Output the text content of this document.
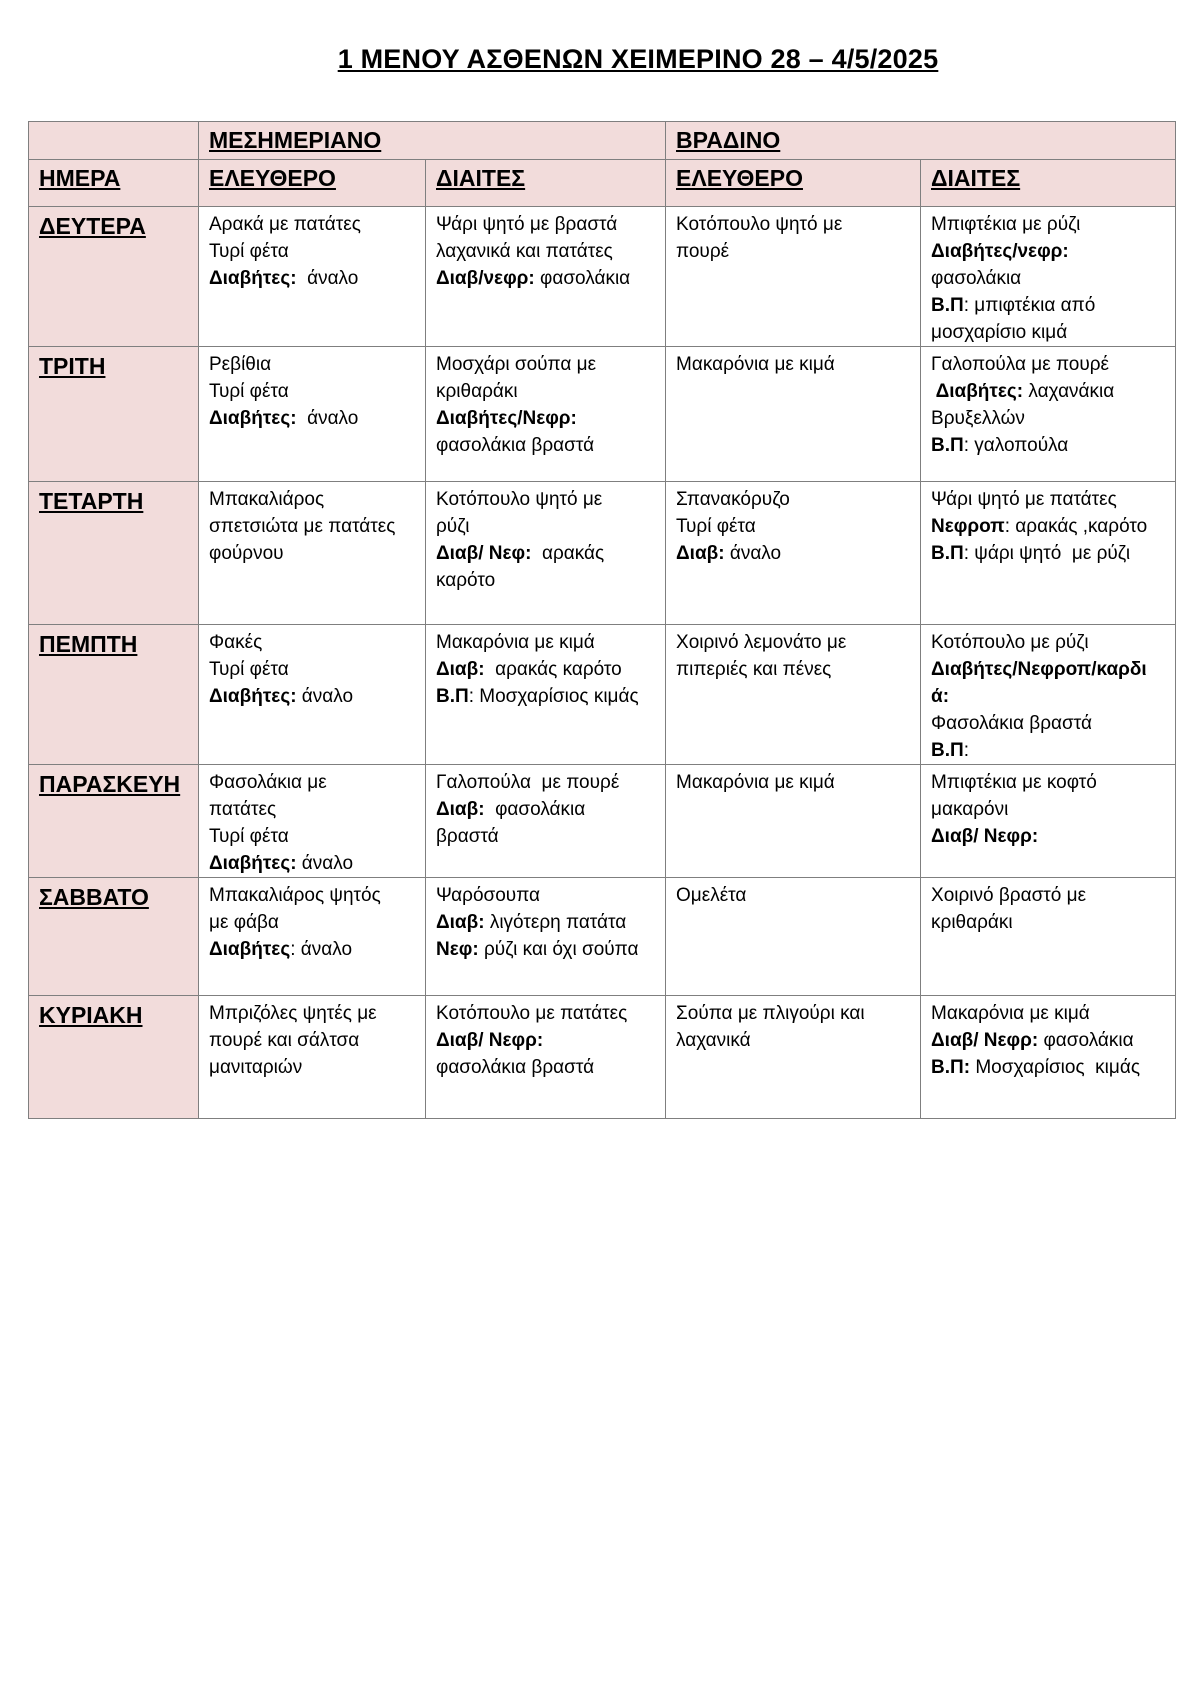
1 ΜΕΝΟΥ ΑΣΘΕΝΩΝ ΧΕΙΜΕΡΙΝΟ 28 – 4/5/2025
	ΜΕΣΗΜΕΡΙΑΝΟ		ΒΡΑΔΙΝΟ	
ΗΜΕΡΑ	ΕΛΕΥΘΕΡΟ	ΔΙΑΙΤΕΣ	ΕΛΕΥΘΕΡΟ	ΔΙΑΙΤΕΣ
ΔΕΥΤΕΡΑ	Αρακά με πατάτες
Τυρί φέτα
Διαβήτες:  άναλο	Ψάρι ψητό με βραστά
λαχανικά και πατάτες
Διαβ/νεφρ: φασολάκια	Κοτόπουλο ψητό με
πουρέ	Μπιφτέκια με ρύζι
Διαβήτες/νεφρ:
φασολάκια
Β.Π: μπιφτέκια από
μοσχαρίσιο κιμά

ΤΡΙΤΗ	Ρεβίθια
Τυρί φέτα
Διαβήτες:  άναλο	Μοσχάρι σούπα με
κριθαράκι
Διαβήτες/Νεφρ:
φασολάκια βραστά	Μακαρόνια με κιμά	Γαλοπούλα με πουρέ
Διαβήτες: λαχανάκια
Βρυξελλών
Β.Π: γαλοπούλα

ΤΕΤΑΡΤΗ	Μπακαλιάρος
σπετσιώτα με πατάτες
φούρνου	Κοτόπουλο ψητό με
ρύζι
Διαβ/ Νεφ:  αρακάς
καρότο	Σπανακόρυζο
Τυρί φέτα
Διαβ: άναλο	Ψάρι ψητό με πατάτες
Νεφροπ: αρακάς ,καρότο
Β.Π: ψάρι ψητό  με ρύζι

ΠΕΜΠΤΗ	Φακές
Τυρί φέτα
Διαβήτες: άναλο	Μακαρόνια με κιμά
Διαβ:  αρακάς καρότο
Β.Π: Μοσχαρίσιος κιμάς	Χοιρινό λεμονάτο με
πιπεριές και πένες	Κοτόπουλο με ρύζι
Διαβήτες/Νεφροπ/καρδι
ά:
Φασολάκια βραστά
Β.Π:

ΠΑΡΑΣΚΕΥΗ	Φασολάκια με
πατάτες
Τυρί φέτα
Διαβήτες: άναλο	Γαλοπούλα  με πουρέ
Διαβ:  φασολάκια
βραστά	Μακαρόνια με κιμά	Μπιφτέκια με κοφτό
μακαρόνι
Διαβ/ Νεφρ:

ΣΑΒΒΑΤΟ	Μπακαλιάρος ψητός
με φάβα
Διαβήτες: άναλο	Ψαρόσουπα
Διαβ: λιγότερη πατάτα
Νεφ: ρύζι και όχι σούπα	Ομελέτα	Χοιρινό βραστό με
κριθαράκι

ΚΥΡΙΑΚΗ	Μπριζόλες ψητές με
πουρέ και σάλτσα
μανιταριών	Κοτόπουλο με πατάτες
Διαβ/ Νεφρ:
φασολάκια βραστά	Σούπα με πλιγούρι και
λαχανικά	Μακαρόνια με κιμά
Διαβ/ Νεφρ: φασολάκια
Β.Π: Μοσχαρίσιος  κιμάς
